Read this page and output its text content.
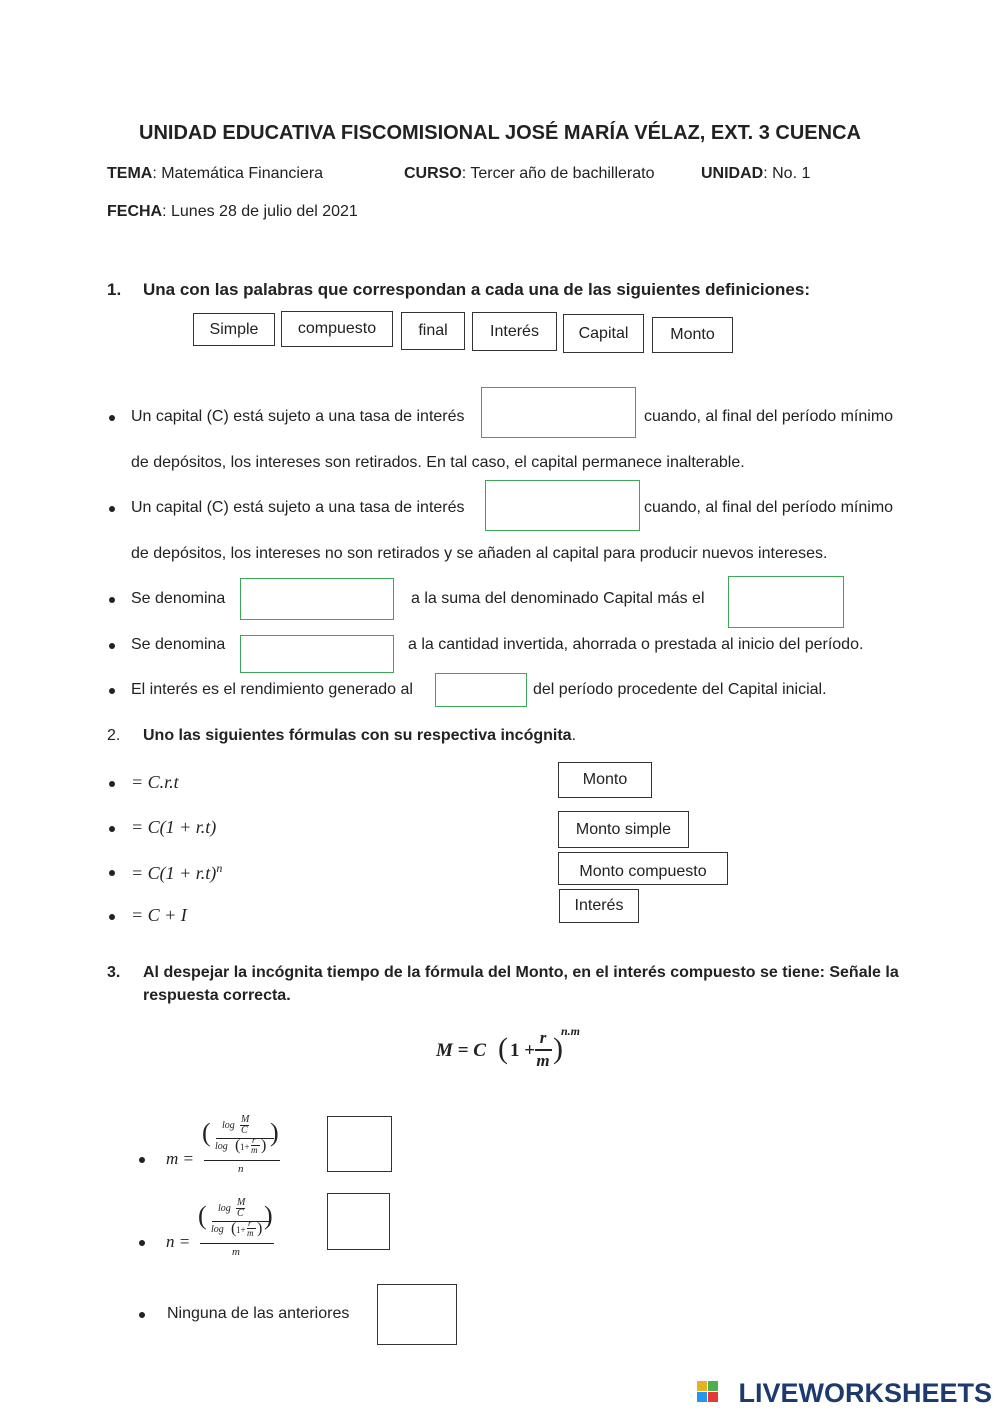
UNIDAD EDUCATIVA FISCOMISIONAL JOSÉ MARÍA VÉLAZ, EXT. 3 CUENCA
TEMA: Matemática Financiera	CURSO: Tercer año de bachillerato	UNIDAD: No. 1
FECHA: Lunes 28 de julio del 2021
1. Una con las palabras que correspondan a cada una de las siguientes definiciones:
Simple	compuesto	final	Interés	Capital	Monto
Un capital (C) está sujeto a una tasa de interés	cuando, al final del período mínimo
de depósitos, los intereses son retirados. En tal caso, el capital permanece inalterable.
Un capital (C) está sujeto a una tasa de interés	cuando, al final del período mínimo
de depósitos, los intereses no son retirados y se añaden al capital para producir nuevos intereses.
Se denomina	a la suma del denominado Capital más el
Se denomina	a la cantidad invertida, ahorrada o prestada al inicio del período.
El interés es el rendimiento generado al	del período procedente del Capital inicial.
2. Uno las siguientes fórmulas con su respectiva incógnita.
= C.r.t
= C(1 + r.t)
= $C(1 + r.t)^n$
= C + I
Monto
Monto simple
Monto compuesto
Interés
3. Al despejar la incógnita tiempo de la fórmula del Monto, en el interés compuesto se tiene: Señale la
respuesta correcta.
M = C ( 1 +
r
m )
n.m
m =
( log
M
C
log ( 1+
r
m ) )
n
n =
( log
M
C
log ( 1+
r
m ) )
m
Ninguna de las anteriores
LIVEWORKSHEETS
